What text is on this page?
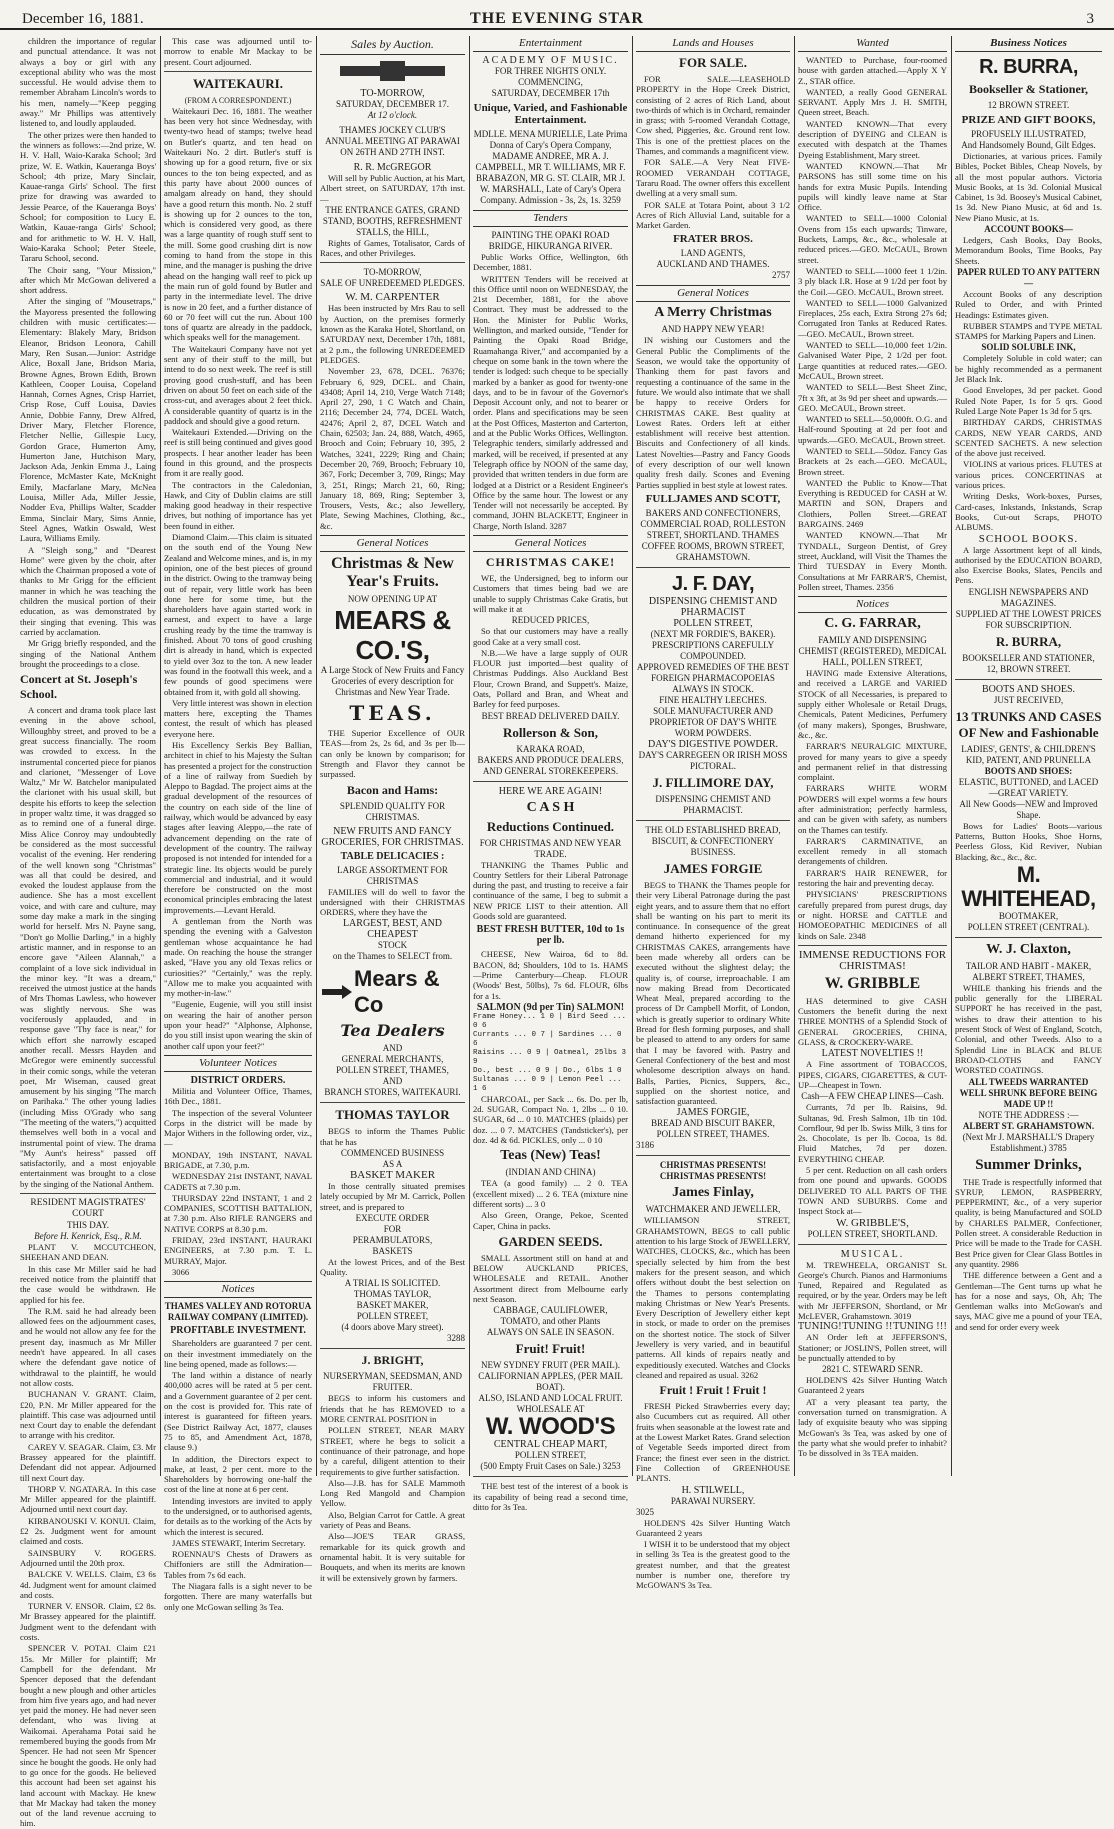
December 16, 1881.	THE EVENING STAR	3

children the importance of regular and punctual attendance. It was not always a boy or girl with any exceptional ability who was the most successful. He would advise them to remember Abraham Lincoln's words to his men, namely—"Keep pegging away." Mr Phillips was attentively listened to, and loudly applauded.

The other prizes were then handed to the winners as follows:—2nd prize, W. H. V. Hall, Waio-Karaka School; 3rd prize, W. E. Watkin, Kaueranga Boys' School; 4th prize, Mary Sinclair, Kauae-ranga Girls' School. The first prize for drawing was awarded to Jessie Pearce, of the Kaueranga Boys' School; for composition to Lucy E. Watkin, Kauae-ranga Girls' School; and for arithmetic to W. H. V. Hall, Waio-Karaka School; Peter Steele, Tararu School, second.

The Choir sang, "Your Mission," after which Mr McGowan delivered a short address.

After the singing of "Mousetraps," the Mayoress presented the following children with music certificates:—Elementary: Blakely Mary, Bridson Eleanor, Bridson Leonora, Cahill Mary, Ren Susan.—Junior: Astridge Alice, Boxall Jane, Bridson Maria, Browne Agnes, Brown Edith, Brown Kathleen, Cooper Louisa, Copeland Hannah, Cornes Agnes, Crisp Harriet, Crisp Rose, Cuff Louisa, Davies Annie, Dobbie Fanny, Drew Alfred, Driver Mary, Fletcher Florence, Fletcher Nellie, Gillespie Lucy, Gordon Grace, Humerton Amy, Humerton Jane, Hutchison Mary, Jackson Ada, Jenkin Emma J., Laing Florence, McMaster Kate, McKnight Emily, Macfarlane Mary, McNea Louisa, Miller Ada, Miller Jessie, Nodder Eva, Phillips Walter, Scadder Emma, Sinclair Mary, Sims Annie, Steel Agnes, Watkin Oswald, West Laura, Williams Emily.

A "Sleigh song," and "Dearest Home" were given by the choir, after which the Chairman proposed a vote of thanks to Mr Grigg for the efficient manner in which he was teaching the children the musical portion of their education, as was demonstrated by their singing that evening. This was carried by acclamation.

Mr Grigg briefly responded, and the singing of the National Anthem brought the proceedings to a close.

Concert at St. Joseph's School.

A concert and drama took place last evening in the above school, Willoughby street, and proved to be a great success financially. The room was crowded to excess. In the instrumental concerted piece for pianos and clarionet, "Messenger of Love Waltz," Mr W. Batchelor manipulated the clarionet with his usual skill, but despite his efforts to keep the selection in proper waltz time, it was dragged so as to remind one of a funeral dirge. Miss Alice Conroy may undoubtedly be considered as the most successful vocalist of the evening. Her rendering of the well known song "Christmas" was all that could be desired, and evoked the loudest applause from the audience. She has a most excellent voice, and with care and culture, may some day make a mark in the singing world for herself. Mrs N. Payne sang, "Don't go Mollie Darling," in a highly artistic manner, and in response to an encore gave "Aileen Alannah," a complaint of a love sick individual in the minor key. "It was a dream," received the utmost justice at the hands of Mrs Thomas Lawless, who however was slightly nervous. She was vociferously applauded, and in response gave "Thy face is near," for which effort she narrowly escaped another recall. Messrs Hayden and McGregor were eminently successful in their comic songs, while the veteran poet, Mr Wiseman, caused great amusement by his singing "The march on Parihaka." The other young ladies (including Miss O'Grady who sang "The meeting of the waters,") acquitted themselves well both in a vocal and instrumental point of view. The drama "My Aunt's heiress" passed off satisfactorily, and a most enjoyable entertainment was brought to a close by the singing of the National Anthem.

RESIDENT MAGISTRATES' COURT
THIS DAY.
Before H. Kenrick, Esq., R.M.

PLANT V. MCCUTCHEON, SHEEHAN AND DEAN.

In this case Mr Miller said he had received notice from the plaintiff that the case would be withdrawn. He applied for his fee.

The R.M. said he had already been allowed fees on the adjournment cases, and he would not allow any fee for the present day, inasmuch as Mr Miller needn't have appeared. In all cases where the defendant gave notice of withdrawal to the plaintiff, he would not allow costs.

BUCHANAN V. GRANT. Claim, £20, P.N. Mr Miller appeared for the plaintiff. This case was adjourned until next Court day to enable the defendant to arrange with his creditor.

CAREY V. SEAGAR. Claim, £3. Mr Brassey appeared for the plaintiff. Defendant did not appear. Adjourned till next Court day.

THORP V. NGATARA. In this case Mr Miller appeared for the plaintiff. Adjourned until next court day.

KIRBANOUSKI V. KONUI. Claim, £2 2s. Judgment went for amount claimed and costs.

SAINSBURY V. ROGERS. Adjourned until the 20th prox.

BALCKE V. WELLS. Claim, £3 6s 4d. Judgment went for amount claimed and costs.

TURNER V. ENSOR. Claim, £2 8s. Mr Brassey appeared for the plaintiff. Judgment went to the defendant with costs.

SPENCER V. POTAI. Claim £21 15s. Mr Miller for plaintiff; Mr Campbell for the defendant. Mr Spencer deposed that the defendant bought a new plough and other articles from him five years ago, and had never yet paid the money. He had never seen defendant, who was living at Waikomai. Aperahama Potai said he remembered buying the goods from Mr Spencer. He had not seen Mr Spencer since he bought the goods. He only had to go once for the goods. He believed this account had been set against his land account with Mackay. He knew that Mr Mackay had taken the money out of the land revenue accruing to him.

This case was adjourned until to-morrow to enable Mr Mackay to be present. Court adjourned.

WAITEKAURI.
(FROM A CORRESPONDENT.)

Waitekauri Dec. 16, 1881. The weather has been very hot since Wednesday, with twenty-two head of stamps; twelve head on Butler's quartz, and ten head on Waitekauri No. 2 dirt. Butler's stuff is showing up for a good return, five or six ounces to the ton being expected, and as this party have about 2000 ounces of amalgam already on hand, they should have a good return this month. No. 2 stuff is showing up for 2 ounces to the ton, which is considered very good, as there was a large quantity of rough stuff sent to the mill. Some good crushing dirt is now coming to hand from the stope in this mine, and the manager is pushing the drive ahead on the hanging wall reef to pick up the main run of gold found by Butler and party in the intermediate level. The drive is now in 20 feet, and a further distance of 60 or 70 feet will cut the run. About 100 tons of quartz are already in the paddock, which speaks well for the management.

The Waitekauri Company have not yet sent any of their stuff to the mill, but intend to do so next week. The reef is still proving good crush-stuff, and has been driven on about 50 feet on each side of the cross-cut, and averages about 2 feet thick. A considerable quantity of quartz is in the paddock and should give a good return.

Waitekauri Extended.—Driving on the reef is still being continued and gives good prospects. I hear another leader has been found in this ground, and the prospects from it are really good.

The contractors in the Caledonian, Hawk, and City of Dublin claims are still making good headway in their respective drives, but nothing of importance has yet been found in either.

Diamond Claim.—This claim is situated on the south end of the Young New Zealand and Welcome mines, and is, in my opinion, one of the best pieces of ground in the district. Owing to the tramway being out of repair, very little work has been done here for some time, but the shareholders have again started work in earnest, and expect to have a large crushing ready by the time the tramway is finished. About 70 tons of good crushing dirt is already in hand, which is expected to yield over 3oz to the ton. A new leader was found in the footwall this week, and a few pounds of good specimens were obtained from it, with gold all showing.

Very little interest was shown in election matters here, excepting the Thames contest, the result of which has pleased everyone here.

His Excellency Serkis Bey Ballian, architect in chief to his Majesty the Sultan has presented a project for the construction of a line of railway from Suedieh by Aleppo to Bagdad. The project aims at the gradual development of the resources of the country on each side of the line of railway, which would be advanced by easy stages after leaving Aleppo,—the rate of advancement depending on the rate of development of the country. The railway proposed is not intended for intended for a strategic line. Its objects would be purely commercial and industrial, and it would therefore be constructed on the most economical principles embracing the latest improvements.—Levant Herald.

A gentleman from the North was spending the evening with a Galveston gentleman whose acquaintance he had made. On reaching the house the stranger asked, "Have you any old Texas relics or curiosities?" "Certainly," was the reply. "Allow me to make you acquainted with my mother-in-law."

"Eugenie, Eugenie, will you still insist on wearing the hair of another person upon your head?" "Alphonse, Alphonse, do you still insist upon wearing the skin of another calf upon your feet?"

Volunteer Notices
DISTRICT ORDERS.

Militia and Volunteer Office, Thames, 16th Dec., 1881.

The inspection of the several Volunteer Corps in the district will be made by Major Withers in the following order, viz.,—

MONDAY, 19th INSTANT, NAVAL BRIGADE, at 7.30, p.m.

WEDNESDAY 21st INSTANT, NAVAL CADETS at 7.30 p.m.

THURSDAY 22nd INSTANT, 1 and 2 COMPANIES, SCOTTISH BATTALION, at 7.30 p.m. Also RIFLE RANGERS and NATIVE CORPS at 8.30 p.m.

FRIDAY, 23rd INSTANT, HAURAKI ENGINEERS, at 7.30 p.m. T. L. MURRAY, Major.

3066

Notices
THAMES VALLEY AND ROTORUA RAILWAY COMPANY (LIMITED).
PROFITABLE INVESTMENT.

Shareholders are guaranteed 7 per cent. on their investment immediately on the line being opened, made as follows:—

The land within a distance of nearly 400,000 acres will be rated at 5 per cent. and a Government guarantee of 2 per cent. on the cost is provided for. This rate of interest is guaranteed for fifteen years. (See District Railway Act, 1877, clauses 75 to 85, and Amendment Act, 1878, clause 9.)

In addition, the Directors expect to make, at least, 2 per cent. more to the Shareholders by borrowing one-half the cost of the line at none at 6 per cent.

Intending investors are invited to apply to the undersigned, or to authorised agents, for details as to the working of the Acts by which the interest is secured.

JAMES STEWART, Interim Secretary.

ROENNAU'S Chests of Drawers as Chiffoniers are still the Admiration—Tables from 7s 6d each.

The Niagara falls is a sight never to be forgotten. There are many waterfalls but only one McGowan selling 3s Tea.

Sales by Auction.
TO-MORROW,
SATURDAY, DECEMBER 17.
At 12 o'clock.
THAMES JOCKEY CLUB'S ANNUAL MEETING AT PARAWAI ON 26TH AND 27TH INST.
R. R. McGREGOR

Will sell by Public Auction, at his Mart, Albert street, on SATURDAY, 17th inst.—

THE ENTRANCE GATES, GRAND STAND, BOOTHS, REFRESHMENT STALLS, the HILL,

Rights of Games, Totalisator, Cards of Races, and other Privileges.

TO-MORROW,
SALE OF UNREDEEMED PLEDGES.
W. M. CARPENTER

Has been instructed by Mrs Rau to sell by Auction, on the premises formerly known as the Karaka Hotel, Shortland, on SATURDAY next, December 17th, 1881, at 2 p.m., the following UNREDEEMED PLEDGES.

November 23, 678, DCEL. 76376; February 6, 929, DCEL. and Chain, 43408; April 14, 210, Verge Watch 7148; April 27, 290, 1 C Watch and Chain, 2116; December 24, 774, DCEL Watch, 42476; April 2, 87, DCEL Watch and Chain, 62503; Jan. 24, 888, Watch, 4965, Brooch and Coin; February 10, 395, 2 Watches, 3241, 2229; Ring and Chain; December 20, 769, Brooch; February 10, 367, Fork; December 3, 709, Rings; May 3, 251, Rings; March 21, 60, Ring; January 18, 869, Ring; September 3, Trousers, Vests, &c.; also Jewellery, Plate, Sewing Machines, Clothing, &c., &c.

General Notices
Christmas & New Year's Fruits.
NOW OPENING UP AT
MEARS & CO.'S,
A Large Stock of New Fruits and Fancy Groceries of every description for Christmas and New Year Trade.
TEAS.

THE Superior Excellence of OUR TEAS—from 2s, 2s 6d, and 3s per lb—can only be known by comparison; for Strength and Flavor they cannot be surpassed.

Bacon and Hams:
SPLENDID QUALITY FOR CHRISTMAS.
NEW FRUITS AND FANCY GROCERIES, FOR CHRISTMAS.
TABLE DELICACIES :
LARGE ASSORTMENT FOR CHRISTMAS

FAMILIES will do well to favor the undersigned with their CHRISTMAS ORDERS, where they have the

LARGEST, BEST, AND CHEAPEST
STOCK
on the Thames to SELECT from.
Mears & Co
Tea Dealers
AND
GENERAL MERCHANTS,
POLLEN STREET, THAMES,
AND
BRANCH STORES, WAITEKAURI.
THOMAS TAYLOR

BEGS to inform the Thames Public that he has

COMMENCED BUSINESS
AS A
BASKET MAKER

In those centrally situated premises lately occupied by Mr M. Carrick, Pollen street, and is prepared to

EXECUTE ORDER
FOR
PERAMBULATORS,
BASKETS

At the lowest Prices, and of the Best Quality.

A TRIAL IS SOLICITED.
THOMAS TAYLOR,
BASKET MAKER,
POLLEN STREET,
(4 doors above Mary street).
3288
J. BRIGHT,
NURSERYMAN, SEEDSMAN, AND FRUITER.

BEGS to inform his customers and friends that he has REMOVED to a MORE CENTRAL POSITION in

POLLEN STREET, NEAR MARY STREET, where he begs to solicit a continuance of their patronage, and hope by a careful, diligent attention to their requirements to give further satisfaction.

Also—J.B. has for SALE Mammoth Long Red Mangold and Champion Yellow.

Also, Belgian Carrot for Cattle. A great variety of Peas and Beans.

Also—JOE'S TEAR GRASS, remarkable for its quick growth and ornamental habit. It is very suitable for Bouquets, and when its merits are known it will be extensively grown by farmers.

Entertainment
ACADEMY OF MUSIC.
FOR THREE NIGHTS ONLY.
COMMENCING,
SATURDAY, DECEMBER 17th
Unique, Varied, and Fashionable Entertainment.
MDLLE. MENA MURIELLE, Late Prima Donna of Cary's Opera Company, MADAME ANDREE, MR A. J. CAMPBELL, MR T. WILLIAMS, MR F. BRABAZON, MR G. ST. CLAIR, MR J. W. MARSHALL, Late of Cary's Opera Company. Admission - 3s, 2s, 1s. 3259
Tenders
PAINTING THE OPAKI ROAD BRIDGE, HIKURANGA RIVER.

Public Works Office, Wellington, 6th December, 1881.

WRITTEN Tenders will be received at this Office until noon on WEDNESDAY, the 21st December, 1881, for the above Contract. They must be addressed to the Hon. the Minister for Public Works, Wellington, and marked outside, "Tender for Painting the Opaki Road Bridge, Ruamahanga River," and accompanied by a cheque on some bank in the town where the tender is lodged: such cheque to be specially marked by a banker as good for twenty-one days, and to be in favour of the Governor's Deposit Account only, and not to bearer or order. Plans and specifications may be seen at the Post Offices, Masterton and Carterton, and at the Public Works Offices, Wellington. Telegraphic tenders, similarly addressed and marked, will be received, if presented at any Telegraph office by NOON of the same day, provided that written tenders in due form are lodged at a District or a Resident Engineer's Office by the same hour. The lowest or any Tender will not necessarily be accepted. By command, JOHN BLACKETT, Engineer in Charge, North Island. 3287

General Notices
CHRISTMAS CAKE!

WE, the Undersigned, beg to inform our Customers that times being bad we are unable to supply Christmas Cake Gratis, but will make it at

REDUCED PRICES,

So that our customers may have a really good Cake at a very small cost.

N.B.—We have a large supply of OUR FLOUR just imported—best quality of Christmas Puddings. Also Auckland Best Flour, Crown Brand, and Suppett's. Maize, Oats, Pollard and Bran, and Wheat and Barley for feed purposes.

BEST BREAD DELIVERED DAILY.
Rollerson & Son,
KARAKA ROAD,
BAKERS AND PRODUCE DEALERS, AND GENERAL STOREKEEPERS.
HERE WE ARE AGAIN!
C A S H
Reductions Continued.
FOR CHRISTMAS AND NEW YEAR TRADE.

THANKING the Thames Public and Country Settlers for their Liberal Patronage during the past, and trusting to receive a fair continuance of the same, I beg to submit a NEW PRICE LIST to their attention. All Goods sold are guaranteed.

BEST FRESH BUTTER, 10d to 1s per lb.

CHEESE, New Wairoa, 6d to 8d. BACON, 8d; Shoulders, 10d to 1s. HAMS—Prime Canterbury—Cheap. FLOUR (Woods' Best, 50lbs), 7s 6d. FLOUR, 6lbs for a 1s.

SALMON (9d per Tin) SALMON!
Frame Honey... 1 0 | Bird Seed ... 0 6
Currants ... 0 7 | Sardines ... 0 6
Raisins ... 0 9 | Oatmeal, 25lbs 3 9
Do., best ... 0 9 | Do., 6lbs 1 0
Sultanas ... 0 9 | Lemon Peel ... 1 6

CHARCOAL, per Sack ... 6s. Do. per lb, 2d. SUGAR, Compact No. 1, 2lbs ... 0 10. SUGAR, 6d ... 0 10. MATCHES (plaids) per doz. ... 0 7. MATCHES (Tandsticker's), per doz. 4d & 6d. PICKLES, only ... 0 10

Teas (New) Teas!
(INDIAN AND CHINA)

TEA (a good family) ... 2 0. TEA (excellent mixed) ... 2 6. TEA (mixture nine different sorts) ... 3 0

Also Green, Orange, Pekoe, Scented Caper, China in packs.

GARDEN SEEDS.

SMALL Assortment still on hand at and BELOW AUCKLAND PRICES, WHOLESALE and RETAIL. Another Assortment direct from Melbourne early next Season.

CABBAGE, CAULIFLOWER, TOMATO, and other Plants
ALWAYS ON SALE IN SEASON.
Fruit! Fruit!
NEW SYDNEY FRUIT (PER MAIL).
CALIFORNIAN APPLES, (PER MAIL BOAT).
ALSO, ISLAND AND LOCAL FRUIT.
WHOLESALE AT
W. WOOD'S
CENTRAL CHEAP MART,
POLLEN STREET,
(500 Empty Fruit Cases on Sale.) 3253

THE best test of the interest of a book is its capability of being read a second time, ditto for 3s Tea.

Lands and Houses
FOR SALE.

FOR SALE.—LEASEHOLD PROPERTY in the Hope Creek District, consisting of 2 acres of Rich Land, about two-thirds of which is in Orchard, remainder in grass; with 5-roomed Verandah Cottage, Cow shed, Piggeries, &c. Ground rent low. This is one of the prettiest places on the Thames, and commands a magnificent view.

FOR SALE.—A Very Neat FIVE-ROOMED VERANDAH COTTAGE, Tararu Road. The owner offers this excellent dwelling at a very small sum.

FOR SALE at Totara Point, about 3 1/2 Acres of Rich Alluvial Land, suitable for a Market Garden.

FRATER BROS.
LAND AGENTS,
AUCKLAND AND THAMES.
2757
General Notices
A Merry Christmas
AND HAPPY NEW YEAR!

IN wishing our Customers and the General Public the Compliments of the Season, we would take the opportunity of Thanking them for past favors and requesting a continuance of the same in the future. We would also intimate that we shall be happy to receive Orders for CHRISTMAS CAKE. Best quality at Lowest Rates. Orders left at either establishment will receive best attention. Biscuits and Confectionery of all kinds. Latest Novelties—Pastry and Fancy Goods of every description of our well known quality fresh daily. Scones and Evening Parties supplied in best style at lowest rates.

FULLJAMES AND SCOTT,
BAKERS AND CONFECTIONERS, COMMERCIAL ROAD, ROLLESTON STREET, SHORTLAND. THAMES COFFEE ROOMS, BROWN STREET, GRAHAMSTOWN.
J. F. DAY,
DISPENSING CHEMIST AND PHARMACIST
POLLEN STREET,
(NEXT MR FORDIE'S, BAKER).
PRESCRIPTIONS CAREFULLY COMPOUNDED.
APPROVED REMEDIES OF THE BEST FOREIGN PHARMACOPOEIAS ALWAYS IN STOCK.
FINE HEALTHY LEECHES.
SOLE MANUFACTURER AND PROPRIETOR OF DAY'S WHITE WORM POWDERS.
DAY'S DIGESTIVE POWDER.
DAY'S CARREGEEN OR IRISH MOSS PICTORAL.
J. FILLIMORE DAY,
DISPENSING CHEMIST AND PHARMACIST.
THE OLD ESTABLISHED BREAD, BISCUIT, & CONFECTIONERY BUSINESS.
JAMES FORGIE

BEGS to THANK the Thames people for their very Liberal Patronage during the past eight years, and to assure them that no effort shall be wanting on his part to merit its continuance. In consequence of the great demand hitherto experienced for my CHRISTMAS CAKES, arrangements have been made whereby all orders can be executed without the slightest delay; the quality is, of course, irreproachable. I am now making Bread from Decorticated Wheat Meal, prepared according to the process of Dr Campbell Morfit, of London, which is greatly superior to ordinary White Bread for flesh forming purposes, and shall be pleased to attend to any orders for same that I may be favored with. Pastry and General Confectionery of the best and most wholesome description always on hand. Balls, Parties, Picnics, Suppers, &c., supplied on the shortest notice, and satisfaction guaranteed.

JAMES FORGIE,
BREAD AND BISCUIT BAKER, POLLEN STREET, THAMES.
3186
CHRISTMAS PRESENTS! CHRISTMAS PRESENTS!
James Finlay,
WATCHMAKER AND JEWELLER,

WILLIAMSON STREET, GRAHAMSTOWN, BEGS to call public attention to his large Stock of JEWELLERY, WATCHES, CLOCKS, &c., which has been specially selected by him from the best makers for the present season, and which offers without doubt the best selection on the Thames to persons contemplating making Christmas or New Year's Presents. Every Description of Jewellery either kept in stock, or made to order on the premises on the shortest notice. The stock of Silver Jewellery is very varied, and in beautiful patterns. All kinds of repairs neatly and expeditiously executed. Watches and Clocks cleaned and repaired as usual. 3262

Fruit ! Fruit ! Fruit !

FRESH Picked Strawberries every day; also Cucumbers cut as required. All other fruits when seasonable at the lowest rate and at the Lowest Market Rates. Grand selection of Vegetable Seeds imported direct from France; the finest ever seen in the district. Fine Collection of GREENHOUSE PLANTS.

H. STILWELL,
PARAWAI NURSERY.
3025

HOLDEN'S 42s Silver Hunting Watch Guaranteed 2 years

I WISH it to be understood that my object in selling 3s Tea is the greatest good to the greatest number, and that the greatest number is number one, therefore try McGOWAN'S 3s Tea.

Wanted

WANTED to Purchase, four-roomed house with garden attached.—Apply X Y Z., STAR office.

WANTED, a really Good GENERAL SERVANT. Apply Mrs J. H. SMITH, Queen street, Beach.

WANTED KNOWN—That every description of DYEING and CLEAN is executed with despatch at the Thames Dyeing Establishment, Mary street.

WANTED KNOWN.—That Mr PARSONS has still some time on his hands for extra Music Pupils. Intending pupils will kindly leave name at Star Office.

WANTED to SELL—1000 Colonial Ovens from 15s each upwards; Tinware, Buckets, Lamps, &c., &c., wholesale at reduced prices.—GEO. McCAUL, Brown street.

WANTED to SELL—1000 feet 1 1/2in. 3 ply black I.R. Hose at 9 1/2d per foot by the Coil.—GEO. McCAUL, Brown street.

WANTED to SELL—1000 Galvanized Fireplaces, 25s each, Extra Strong 27s 6d; Corrugated Iron Tanks at Reduced Rates.—GEO. McCAUL, Brown street.

WANTED to SELL—10,000 feet 1/2in. Galvanised Water Pipe, 2 1/2d per foot. Large quantities at reduced rates.—GEO. McCAUL, Brown street.

WANTED to SELL—Best Sheet Zinc, 7ft x 3ft, at 3s 9d per sheet and upwards.—GEO. McCAUL, Brown street.

WANTED to SELL—50,000ft. O.G. and Half-round Spouting at 2d per foot and upwards.—GEO. McCAUL, Brown street.

WANTED to SELL—50doz. Fancy Gas Brackets at 2s each.—GEO. McCAUL, Brown street.

WANTED the Public to Know—That Everything is REDUCED for CASH at W. MARTIN and SON, Drapers and Clothiers, Pollen Street.—GREAT BARGAINS. 2469

WANTED KNOWN.—That Mr TYNDALL, Surgeon Dentist, of Grey street, Auckland, will Visit the Thames the Third TUESDAY in Every Month. Consultations at Mr FARRAR'S, Chemist, Pollen street, Thames. 2356

Notices
C. G. FARRAR,
FAMILY AND DISPENSING CHEMIST (REGISTERED), MEDICAL HALL, POLLEN STREET,

HAVING made Extensive Alterations, and received a LARGE and VARIED STOCK of all Necessaries, is prepared to supply either Wholesale or Retail Drugs, Chemicals, Patent Medicines, Perfumery (of many makers), Sponges, Brushware, &c., &c.

FARRAR'S NEURALGIC MIXTURE, proved for many years to give a speedy and permanent relief in that distressing complaint.

FARRARS WHITE WORM POWDERS will expel worms a few hours after administration; perfectly harmless, and can be given with safety, as numbers on the Thames can testify.

FARRAR'S CARMINATIVE, an excellent remedy in all stomach derangements of children.

FARRAR'S HAIR RENEWER, for restoring the hair and preventing decay.

PHYSICIANS' PRESCRIPTIONS carefully prepared from purest drugs, day or night. HORSE and CATTLE and HOMOEOPATHIC MEDICINES of all kinds on Sale. 2348

IMMENSE REDUCTIONS FOR CHRISTMAS!
W. GRIBBLE

HAS determined to give CASH Customers the benefit during the next THREE MONTHS of a Splendid Stock of GENERAL GROCERIES, CHINA, GLASS, & CROCKERY-WARE.

LATEST NOVELTIES !!

A Fine assortment of TOBACCOS, PIPES, CIGARS, CIGARETTES, & CUT-UP—Cheapest in Town.

Cash—A FEW CHEAP LINES—Cash.

Currants, 7d per lb. Raisins, 9d. Sultanas, 9d. Fresh Salmon, 1lb tin 10d. Cornflour, 9d per lb. Swiss Milk, 3 tins for 2s. Chocolate, 1s per lb. Cocoa, 1s 8d. Fluid Matches, 7d per dozen. EVERYTHING CHEAP.

5 per cent. Reduction on all cash orders from one pound and upwards. GOODS DELIVERED TO ALL PARTS OF THE TOWN AND SUBURBS. Come and Inspect Stock at—

W. GRIBBLE'S,
POLLEN STREET, SHORTLAND.
MUSICAL.

M. TREWHEELA, ORGANIST St. George's Church. Pianos and Harmoniums Tuned, Repaired and Regulated as required, or by the year. Orders may be left with Mr JEFFERSON, Shortland, or Mr McLEVER, Grahamstown. 3019

TUNING! TUNING !! TUNING !!!

AN Order left at JEFFERSON'S, Stationer; or JOSLIN'S, Pollen street, will be punctually attended to by

2821 C. STEWARD SENR.

HOLDEN'S 42s Silver Hunting Watch Guaranteed 2 years

AT a very pleasant tea party, the conversation turned on transmigration. A lady of exquisite beauty who was sipping McGowan's 3s Tea, was asked by one of the party what she would prefer to inhabit? To be dissolved in 3s TEA maiden.

Business Notices
R. BURRA,
Bookseller & Stationer,
12 BROWN STREET.
PRIZE AND GIFT BOOKS,
PROFUSELY ILLUSTRATED,
And Handsomely Bound, Gilt Edges.

Dictionaries, at various prices. Family Bibles, Pocket Bibles, Cheap Novels, by all the most popular authors. Victoria Music Books, at 1s 3d. Colonial Musical Cabinet, 1s 3d. Boosey's Musical Cabinet, 1s 3d. New Piano Music, at 6d and 1s. New Piano Music, at 1s.

ACCOUNT BOOKS—

Ledgers, Cash Books, Day Books, Memorandum Books, Time Books, Pay Sheets.

PAPER RULED TO ANY PATTERN—

Account Books of any description Ruled to Order, and with Printed Headings: Estimates given.

RUBBER STAMPS and TYPE METAL STAMPS for Marking Papers and Linen.

SOLID SOLUBLE INK,

Completely Soluble in cold water; can be highly recommended as a permanent Jet Black Ink.

Good Envelopes, 3d per packet. Good Ruled Note Paper, 1s for 5 qrs. Good Ruled Large Note Paper 1s 3d for 5 qrs.

BIRTHDAY CARDS, CHRISTMAS CARDS, NEW YEAR CARDS, AND SCENTED SACHETS. A new selection of the above just received.

VIOLINS at various prices. FLUTES at various prices. CONCERTINAS at various prices.

Writing Desks, Work-boxes, Purses, Card-cases, Inkstands, Inkstands, Scrap Books, Cut-out Scraps, PHOTO ALBUMS.

SCHOOL BOOKS.

A large Assortment kept of all kinds, authorised by the EDUCATION BOARD, also Exercise Books, Slates, Pencils and Pens.

ENGLISH NEWSPAPERS AND MAGAZINES.
SUPPLIED AT THE LOWEST PRICES FOR SUBSCRIPTION.
R. BURRA,
BOOKSELLER AND STATIONER,
12, BROWN STREET.
BOOTS AND SHOES.
JUST RECEIVED,
13 TRUNKS AND CASES OF New and Fashionable
LADIES', GENTS', & CHILDREN'S KID, PATENT, AND PRUNELLA
BOOTS AND SHOES:
ELASTIC, BUTTONED, and LACED—GREAT VARIETY.
All New Goods—NEW and Improved Shape.

Bows for Ladies' Boots—various Patterns, Button Hooks, Shoe Horns, Peerless Gloss, Kid Reviver, Nubian Blacking, &c., &c., &c.

M. WHITEHEAD,
BOOTMAKER,
POLLEN STREET (CENTRAL).
W. J. Claxton,
TAILOR AND HABIT - MAKER,
ALBERT STREET, THAMES,

WHILE thanking his friends and the public generally for the LIBERAL SUPPORT he has received in the past, wishes to draw their attention to his present Stock of West of England, Scotch, Colonial, and other Tweeds. Also to a Splendid Line in BLACK and BLUE BROAD-CLOTHS and FANCY WORSTED COATINGS.

ALL TWEEDS WARRANTED WELL SHRUNK BEFORE BEING MADE UP !!
NOTE THE ADDRESS :—
ALBERT ST. GRAHAMSTOWN.
(Next Mr J. MARSHALL'S Drapery Establishment.) 3785
Summer Drinks,

THE Trade is respectfully informed that SYRUP, LEMON, RASPBERRY, PEPPERMINT, &c., of a very superior quality, is being Manufactured and SOLD by CHARLES PALMER, Confectioner, Pollen street. A considerable Reduction in Price will be made to the Trade for CASH. Best Price given for Clear Glass Bottles in any quantity. 2986

THE difference between a Gent and a Gentleman—The Gent turns up what he has for a nose and says, Oh, Ah; The Gentleman walks into McGowan's and says, MAC give me a pound of your TEA, and send for order every week
